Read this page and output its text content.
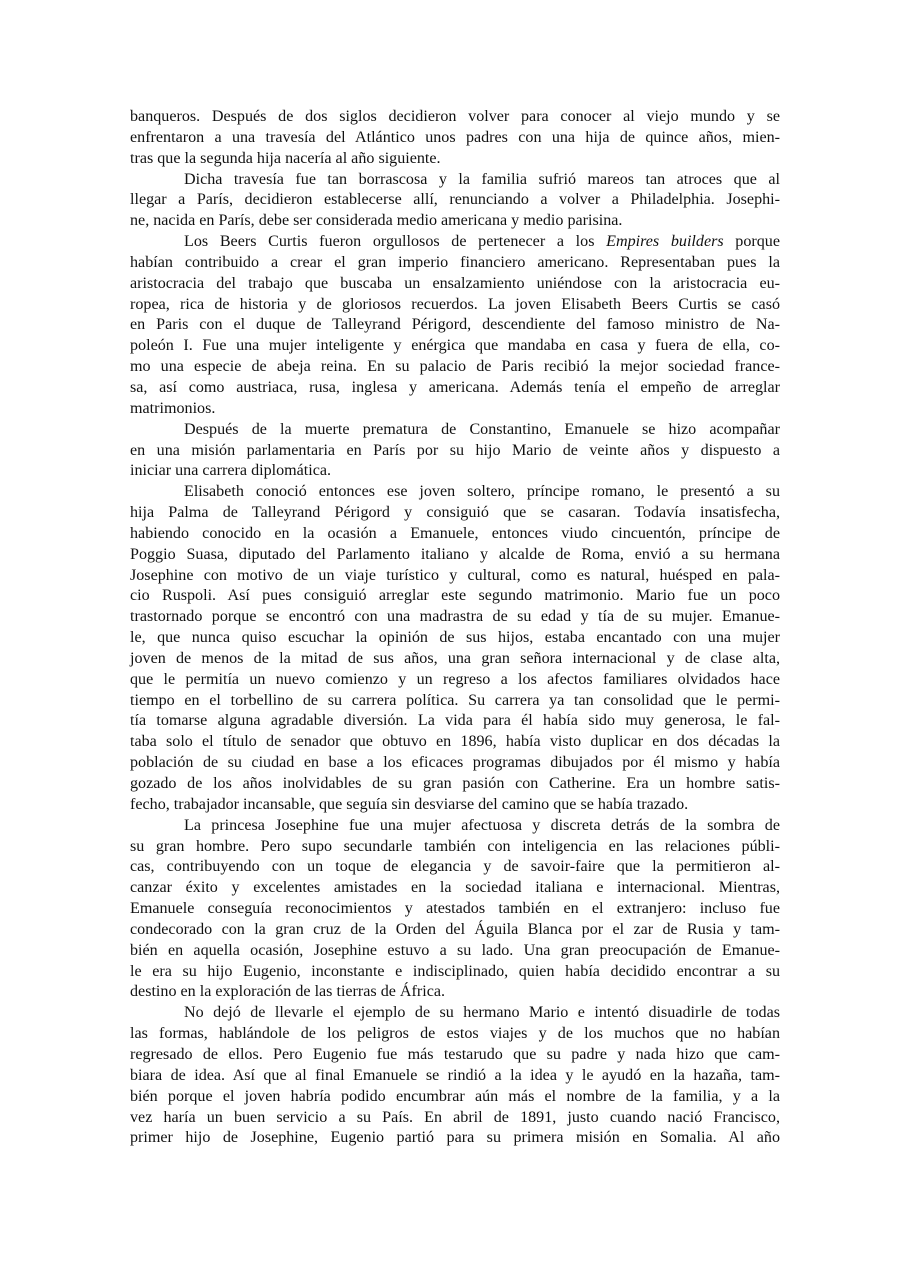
banqueros. Después de dos siglos decidieron volver para conocer al viejo mundo y se
enfrentaron a una travesía del Atlántico unos padres con una hija de quince años, mien-
tras que la segunda hija nacería al año siguiente.
Dicha travesía fue tan borrascosa y la familia sufrió mareos tan atroces que al
llegar a París, decidieron establecerse allí, renunciando a volver a Philadelphia. Josephi-
ne, nacida en París, debe ser considerada medio americana y medio parisina.
Los Beers Curtis fueron orgullosos de pertenecer a los Empires builders porque
habían contribuido a crear el gran imperio financiero americano. Representaban pues la
aristocracia del trabajo que buscaba un ensalzamiento uniéndose con la aristocracia eu-
ropea, rica de historia y de gloriosos recuerdos. La joven Elisabeth Beers Curtis se casó
en Paris con el duque de Talleyrand Périgord, descendiente del famoso ministro de Na-
poleón I. Fue una mujer inteligente y enérgica que mandaba en casa y fuera de ella, co-
mo una especie de abeja reina. En su palacio de Paris recibió la mejor sociedad france-
sa, así como austriaca, rusa, inglesa y americana. Además tenía el empeño de arreglar
matrimonios.
Después de la muerte prematura de Constantino, Emanuele se hizo acompañar
en una misión parlamentaria en París por su hijo Mario de veinte años y dispuesto a
iniciar una carrera diplomática.
Elisabeth conoció entonces ese joven soltero, príncipe romano, le presentó a su
hija Palma de Talleyrand Périgord y consiguió que se casaran. Todavía insatisfecha,
habiendo conocido en la ocasión a Emanuele, entonces viudo cincuentón, príncipe de
Poggio Suasa, diputado del Parlamento italiano y alcalde de Roma, envió a su hermana
Josephine con motivo de un viaje turístico y cultural, como es natural, huésped en pala-
cio Ruspoli. Así pues consiguió arreglar este segundo matrimonio. Mario fue un poco
trastornado porque se encontró con una madrastra de su edad y tía de su mujer. Emanue-
le, que nunca quiso escuchar la opinión de sus hijos, estaba encantado con una mujer
joven de menos de la mitad de sus años, una gran señora internacional y de clase alta,
que le permitía un nuevo comienzo y un regreso a los afectos familiares olvidados hace
tiempo en el torbellino de su carrera política. Su carrera ya tan consolidad que le permi-
tía tomarse alguna agradable diversión. La vida para él había sido muy generosa, le fal-
taba solo el título de senador que obtuvo en 1896, había visto duplicar en dos décadas la
población de su ciudad en base a los eficaces programas dibujados por él mismo y había
gozado de los años inolvidables de su gran pasión con Catherine. Era un hombre satis-
fecho, trabajador incansable, que seguía sin desviarse del camino que se había trazado.
La princesa Josephine fue una mujer afectuosa y discreta detrás de la sombra de
su gran hombre. Pero supo secundarle también con inteligencia en las relaciones públi-
cas, contribuyendo con un toque de elegancia y de savoir-faire que la permitieron al-
canzar éxito y excelentes amistades en la sociedad italiana e internacional. Mientras,
Emanuele conseguía reconocimientos y atestados también en el extranjero: incluso fue
condecorado con la gran cruz de la Orden del Águila Blanca por el zar de Rusia y tam-
bién en aquella ocasión, Josephine estuvo a su lado. Una gran preocupación de Emanue-
le era su hijo Eugenio, inconstante e indisciplinado, quien había decidido encontrar a su
destino en la exploración de las tierras de África.
No dejó de llevarle el ejemplo de su hermano Mario e intentó disuadirle de todas
las formas, hablándole de los peligros de estos viajes y de los muchos que no habían
regresado de ellos. Pero Eugenio fue más testarudo que su padre y nada hizo que cam-
biara de idea. Así que al final Emanuele se rindió a la idea y le ayudó en la hazaña, tam-
bién porque el joven habría podido encumbrar aún más el nombre de la familia, y a la
vez haría un buen servicio a su País. En abril de 1891, justo cuando nació Francisco,
primer hijo de Josephine, Eugenio partió para su primera misión en Somalia. Al año
